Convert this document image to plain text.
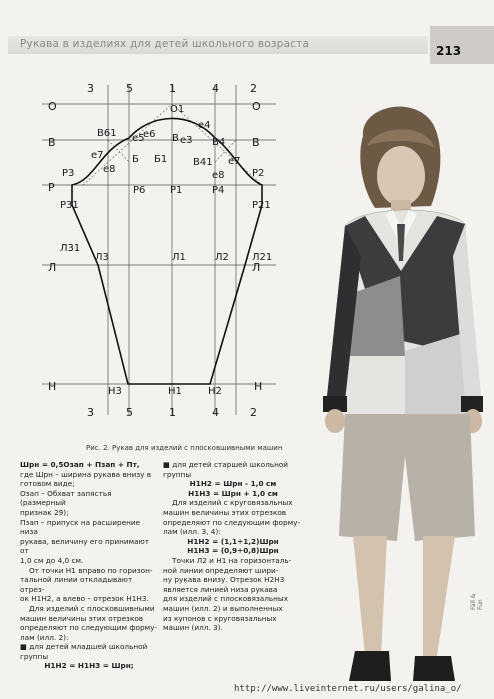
Рукава в изделиях для детей школьного возраста	213
3	5	1	4	2
3	5	1	4	2
О
В
Р
Л
Н
О
В
Л
Н
О1
В61
В4
В
е5
е6
е4
е3
е7
е8
Б Б1	В41 е7
е8
Р3	Р2
Р6 Р1	Р4
Р31	Р21
Л31
Л21
Л3	Л1	Л2
Н3	Н1	Н2
Рис. 2. Рукав для изделий с плосковшивными машин

Шрн = 0,5Озап + Пзап + Пт,

где Шрн – ширина рукава внизу в

готовом виде;

Озап – Обхват запястья (размерный

признак 29);

Пзап – припуск на расширение низа

рукава, величину его принимают от

1,0 см до 4,0 см.

От точки Н1 вправо по горизон-

тальной линии откладывают отрез-

ок Н1Н2, а влево – отрезок Н1Н3.

Для изделий с плосковшивными

машин величины этих отрезков

определяют по следующим форму-

лам (илл. 2):

■ для детей младшей школьной

группы

Н1Н2 = Н1Н3 = Шрн;

■ для детей старшей школьной

группы

Н1Н2 = Шрн - 1,0 см

Н1Н3 = Шрн + 1,0 см

Для изделий с круговязальных

машин величины этих отрезков

определяют по следующим форму-

лам (илл. 3, 4):

Н1Н2 = (1,1÷1,2)Шрн

Н1Н3 = (0,9÷0,8)Шрн

Точки Л2 и Н1 на горизонталь-

ной линии определяют шири-

ну рукава внизу. Отрезок Н2Н3

является линией низа рукава

для изделий с плосковязальных

машин (илл. 2) и выполненных

из купонов с круговязальных

машин (илл. 3).

Fall & Fun
http://www.liveinternet.ru/users/galina_o/
